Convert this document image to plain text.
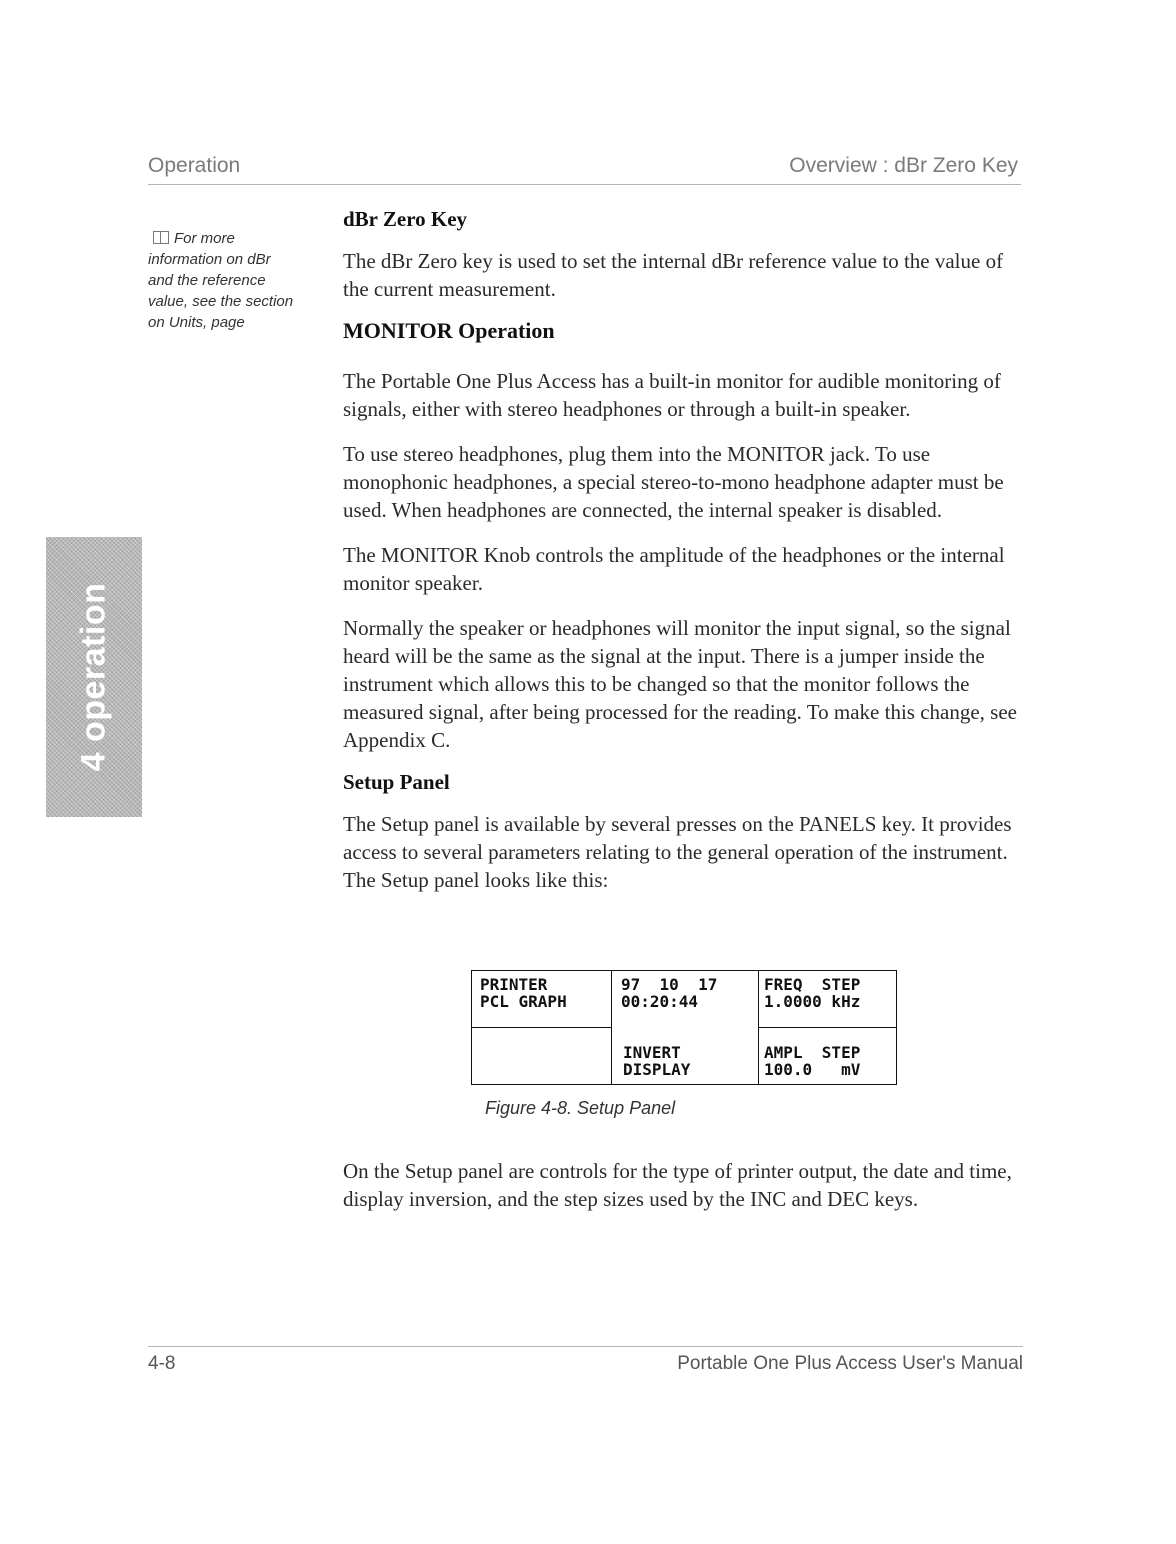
Operation	Overview : dBr Zero Key
For more information on dBr and the reference value, see the section on Units, page
4 operation
dBr Zero Key

The dBr Zero key is used to set the internal dBr reference value to the value of the current measurement.

MONITOR Operation

The Portable One Plus Access has a built-in monitor for audible monitoring of signals, either with stereo headphones or through a built-in speaker.

To use stereo headphones, plug them into the MONITOR jack. To use monophonic headphones, a special stereo-to-mono headphone adapter must be used. When headphones are connected, the internal speaker is disabled.

The MONITOR Knob controls the amplitude of the headphones or the internal monitor speaker.

Normally the speaker or headphones will monitor the input signal, so the signal heard will be the same as the signal at the input. There is a jumper inside the instrument which allows this to be changed so that the monitor follows the measured signal, after being processed for the reading. To make this change, see Appendix C.

Setup Panel

The Setup panel is available by several presses on the PANELS key. It provides access to several parameters relating to the general operation of the instrument. The Setup panel looks like this:

PRINTER
PCL GRAPH
97  10  17
00:20:44
FREQ  STEP
1.0000 kHz
INVERT
DISPLAY
AMPL  STEP
100.0   mV
Figure 4-8. Setup Panel

On the Setup panel are controls for the type of printer output, the date and time, display inversion, and the step sizes used by the INC and DEC keys.

4-8	Portable One Plus Access User's Manual
